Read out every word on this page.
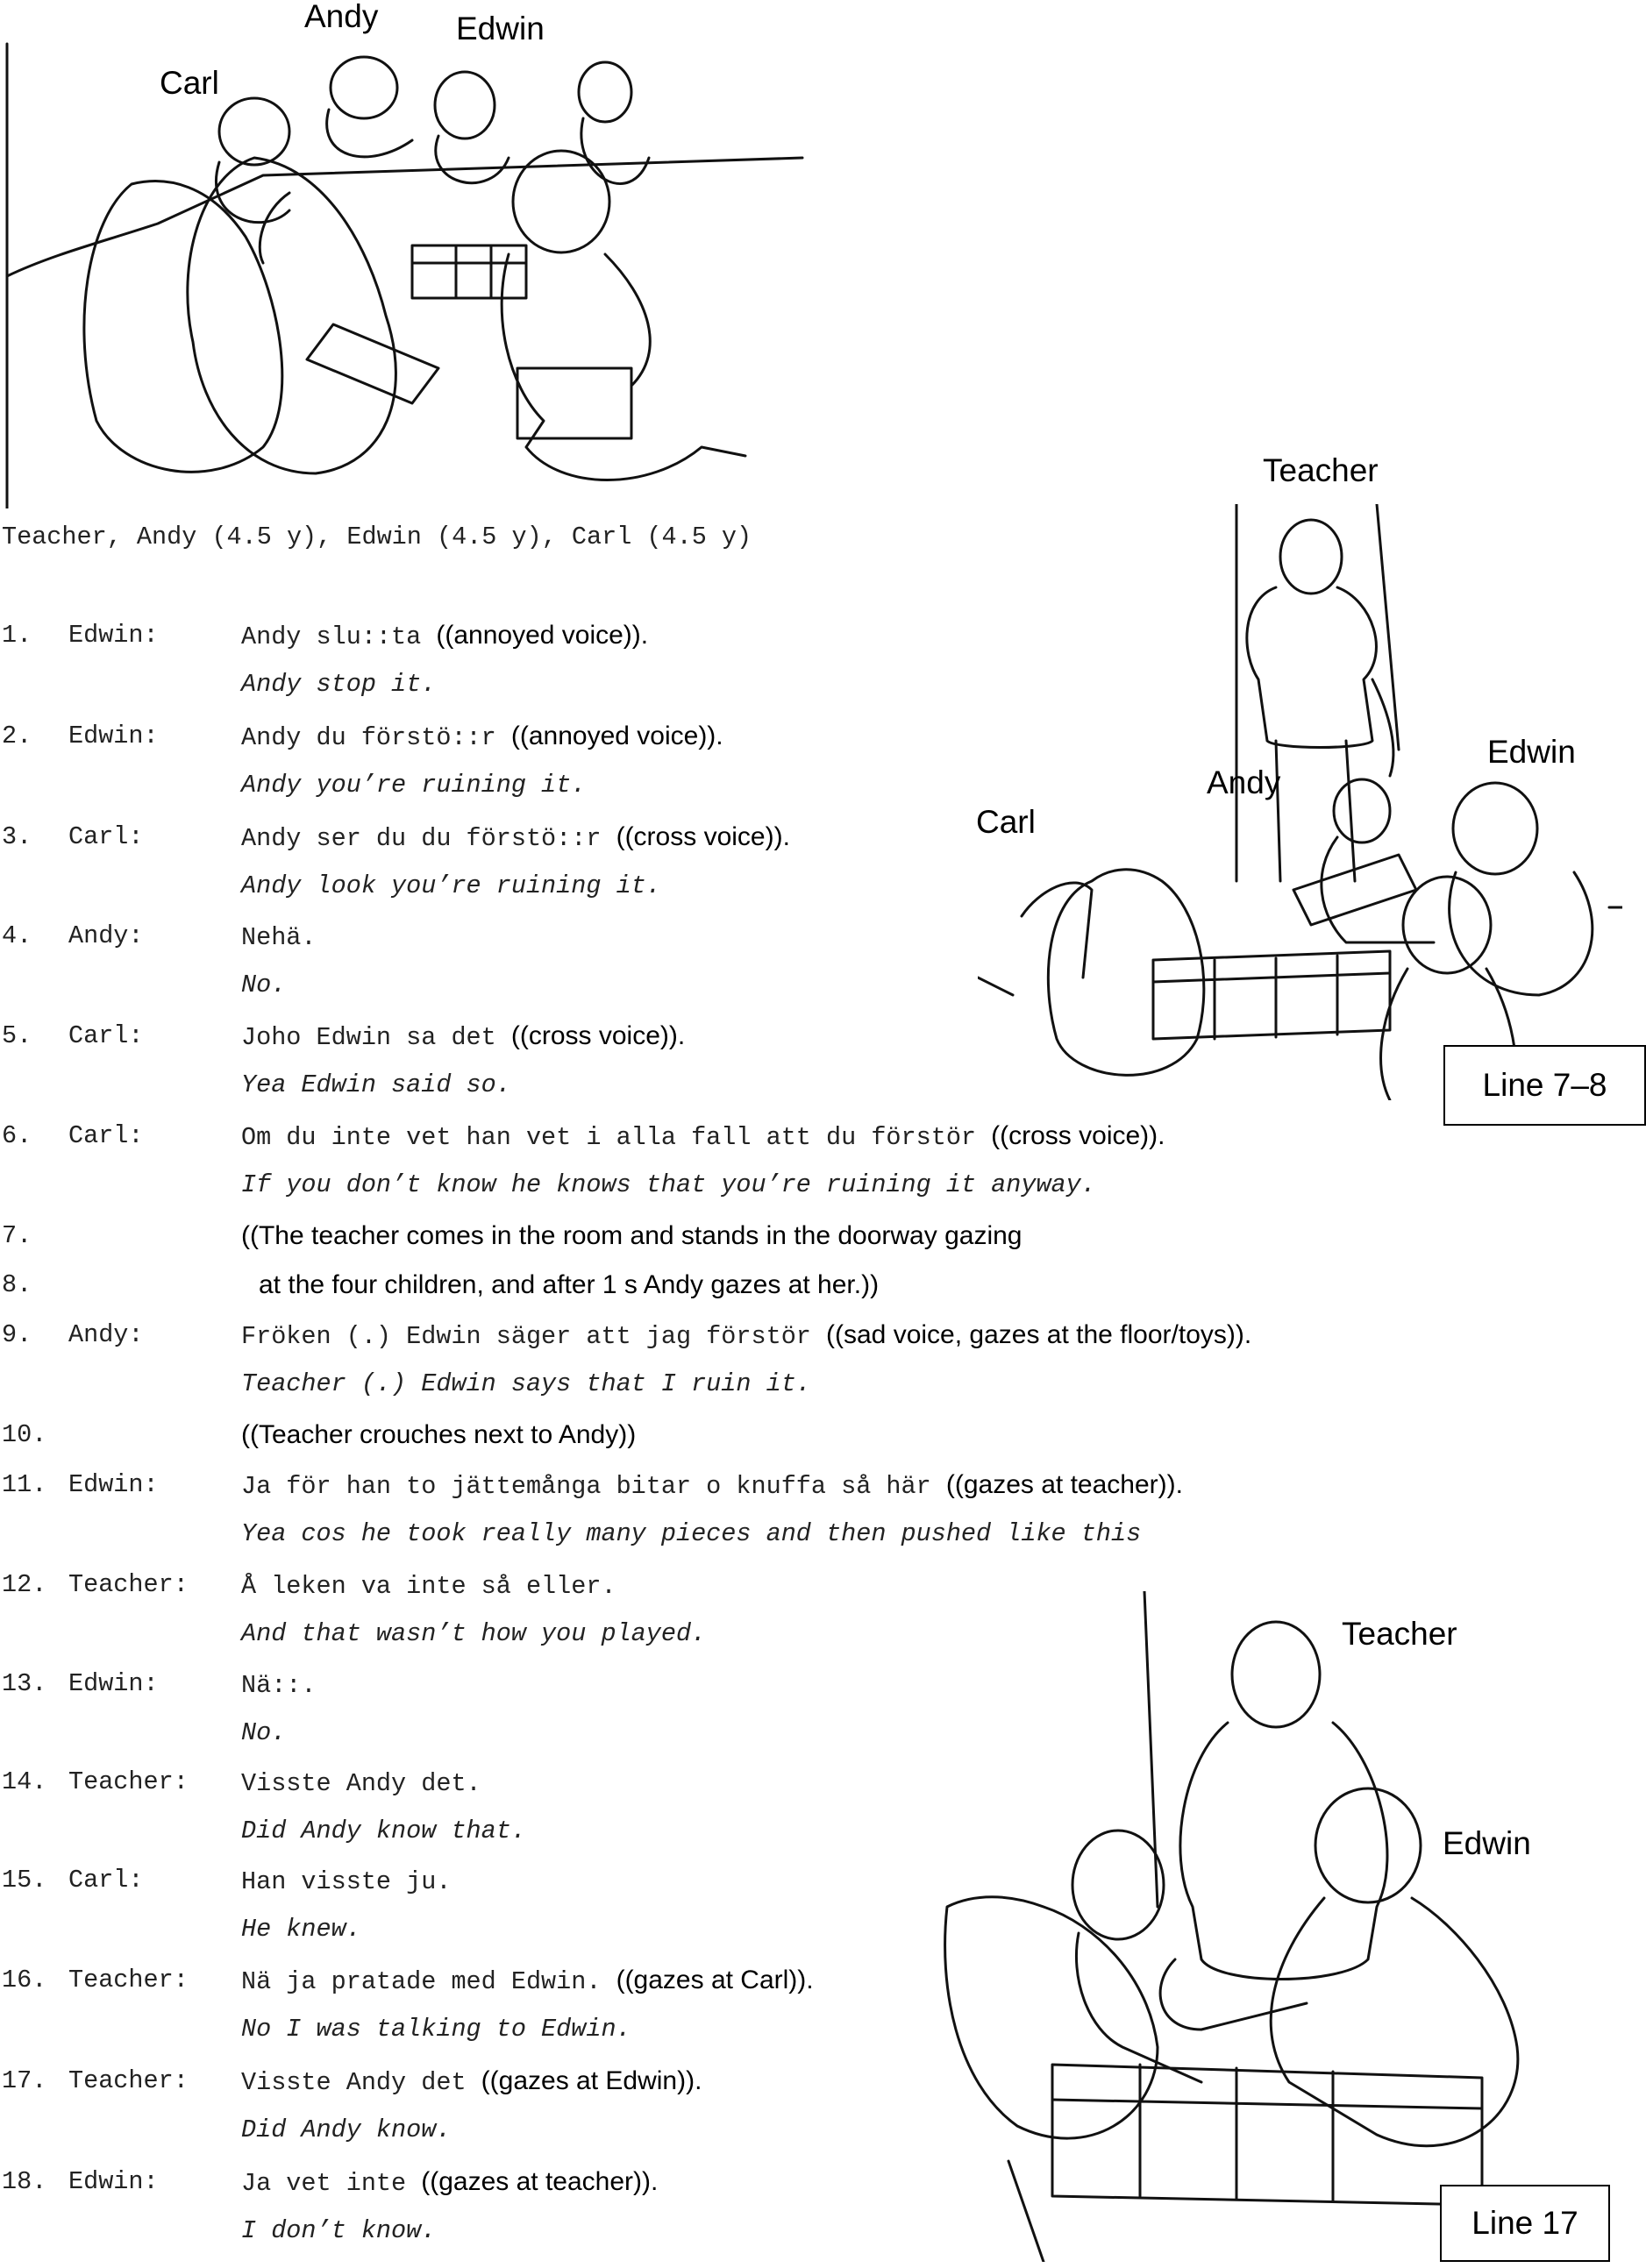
Andy Edwin
Carl
Teacher, Andy (4.5 y), Edwin (4.5 y), Carl (4.5 y)
Teacher
Edwin
Andy
Carl
Line 7–8
Teacher
Edwin
Line 17
1. Edwin:	Andy slu::ta ((annoyed voice)).
Andy stop it.
2. Edwin:	Andy du förstö::r ((annoyed voice)).
Andy you’re ruining it.
3. Carl:	Andy ser du du förstö::r ((cross voice)).
Andy look you’re ruining it.
4. Andy:	Nehä.
No.
5. Carl:	Joho Edwin sa det ((cross voice)).
Yea Edwin said so.
6. Carl:	Om du inte vet han vet i alla fall att du förstör ((cross voice)).
If you don’t know he knows that you’re ruining it anyway.
7.	((The teacher comes in the room and stands in the doorway gazing
8.	at the four children, and after 1 s Andy gazes at her.))
9. Andy:	Fröken (.) Edwin säger att jag förstör ((sad voice, gazes at the floor/toys)).
Teacher (.) Edwin says that I ruin it.
10.	((Teacher crouches next to Andy))
11. Edwin:	Ja för han to jättemånga bitar o knuffa så här ((gazes at teacher)).
Yea cos he took really many pieces and then pushed like this
12. Teacher: Å leken va inte så eller.
And that wasn’t how you played.
13. Edwin:	Nä::.
No.
14. Teacher: Visste Andy det.
Did Andy know that.
15. Carl:	Han visste ju.
He knew.
16. Teacher: Nä ja pratade med Edwin. ((gazes at Carl)).
No I was talking to Edwin.
17. Teacher: Visste Andy det ((gazes at Edwin)).
Did Andy know.
18. Edwin:	Ja vet inte ((gazes at teacher)).
I don’t know.
